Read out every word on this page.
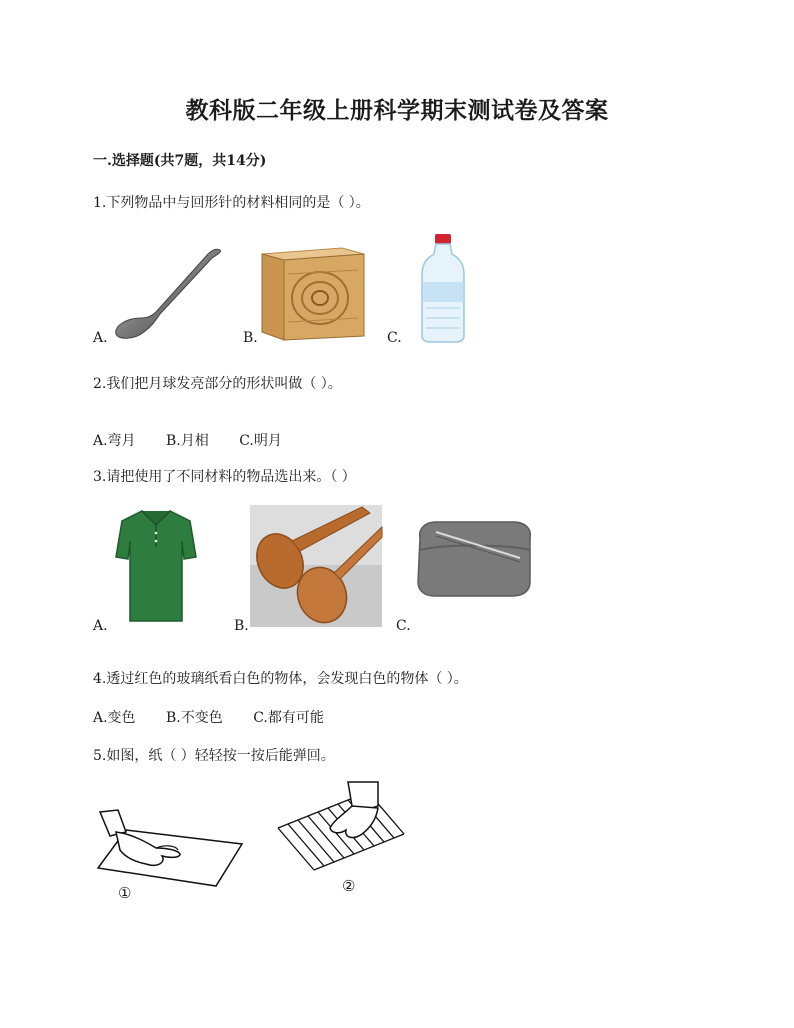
教科版二年级上册科学期末测试卷及答案
一.选择题(共7题，共14分)
1.下列物品中与回形针的材料相同的是（ ）。
A.	B.	C.
2.我们把月球发亮部分的形状叫做（ ）。
A.弯月 B.月相 C.明月
3.请把使用了不同材料的物品选出来。（ ）
A.	B.	C.
4.透过红色的玻璃纸看白色的物体，会发现白色的物体（ ）。
A.变色 B.不变色 C.都有可能
5.如图，纸（ ）轻轻按一按后能弹回。
①	②
